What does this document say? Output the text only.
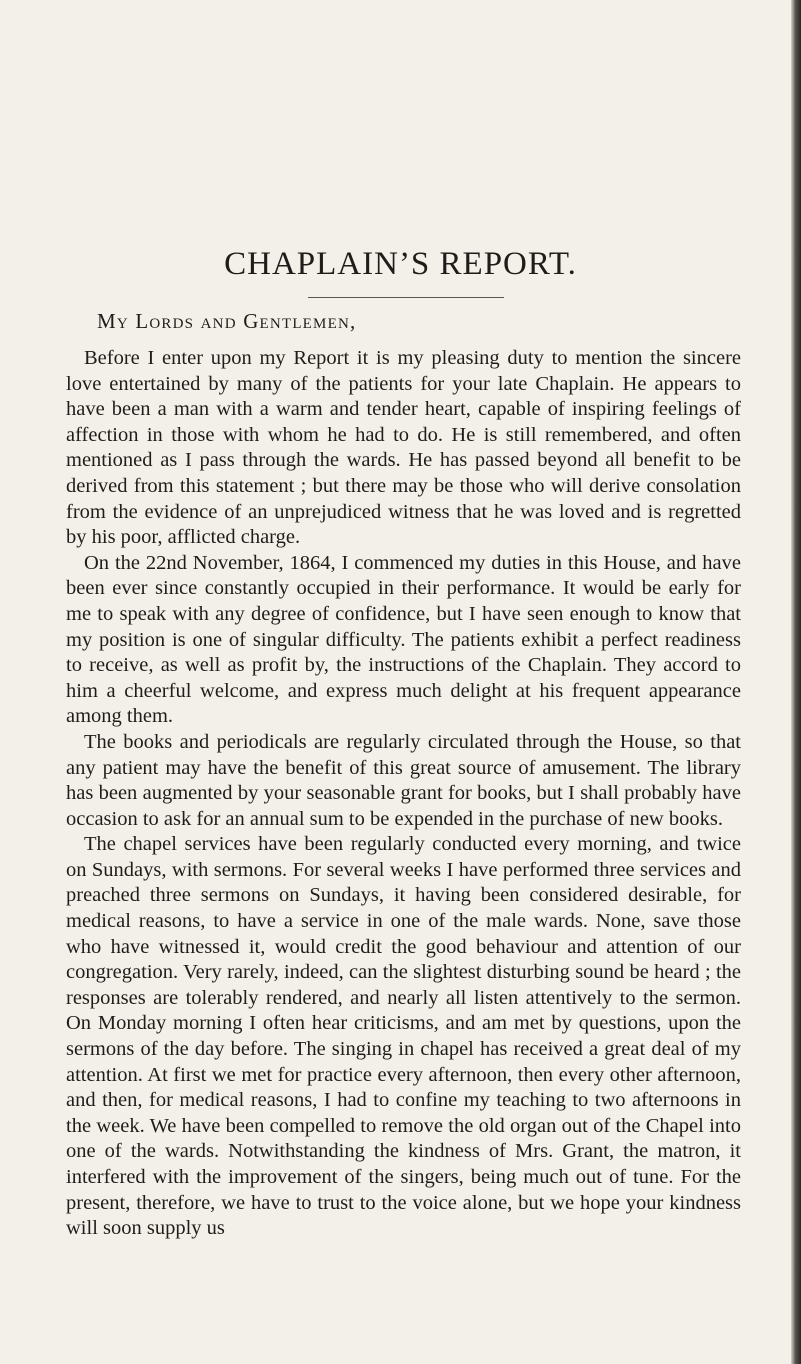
CHAPLAIN’S REPORT.

My Lords and Gentlemen,

Before I enter upon my Report it is my pleasing duty to mention the sincere love entertained by many of the patients for your late Chaplain. He appears to have been a man with a warm and tender heart, capable of inspiring feelings of affection in those with whom he had to do. He is still remembered, and often mentioned as I pass through the wards. He has passed beyond all benefit to be derived from this statement ; but there may be those who will derive consolation from the evidence of an unprejudiced witness that he was loved and is regretted by his poor, afflicted charge.

On the 22nd November, 1864, I commenced my duties in this House, and have been ever since constantly occupied in their performance. It would be early for me to speak with any degree of confidence, but I have seen enough to know that my position is one of singular difficulty. The patients exhibit a perfect readiness to receive, as well as profit by, the instructions of the Chaplain. They accord to him a cheerful welcome, and express much delight at his frequent appearance among them.

The books and periodicals are regularly circulated through the House, so that any patient may have the benefit of this great source of amusement. The library has been augmented by your seasonable grant for books, but I shall probably have occasion to ask for an annual sum to be expended in the purchase of new books.

The chapel services have been regularly conducted every morning, and twice on Sundays, with sermons. For several weeks I have performed three services and preached three sermons on Sundays, it having been considered desirable, for medical reasons, to have a service in one of the male wards. None, save those who have witnessed it, would credit the good behaviour and attention of our congregation. Very rarely, indeed, can the slightest disturbing sound be heard ; the responses are tolerably rendered, and nearly all listen attentively to the sermon. On Monday morning I often hear criticisms, and am met by questions, upon the sermons of the day before. The singing in chapel has received a great deal of my attention. At first we met for practice every afternoon, then every other afternoon, and then, for medical reasons, I had to confine my teaching to two afternoons in the week. We have been compelled to remove the old organ out of the Chapel into one of the wards. Notwithstanding the kindness of Mrs. Grant, the matron, it interfered with the improvement of the singers, being much out of tune. For the present, therefore, we have to trust to the voice alone, but we hope your kindness will soon supply us
